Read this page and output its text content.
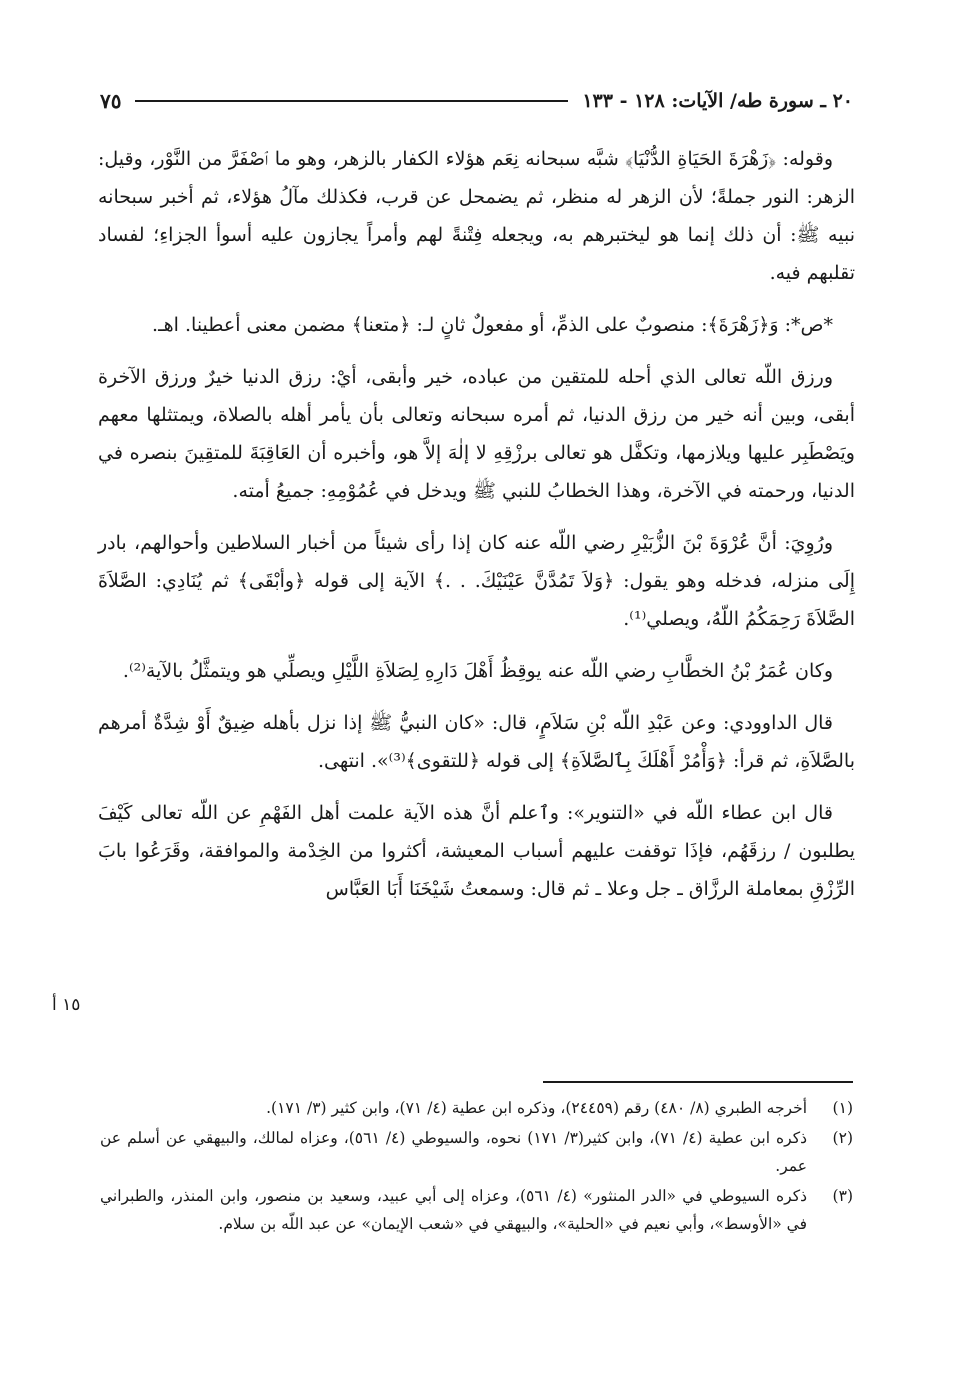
٢٠ ـ سورة طه/ الآيات: ١٢٨ - ١٣٣
٧٥

وقوله: ﴿زَهْرَةَ الحَيَاةِ الدُّنْيَا﴾ شبَّه سبحانه نِعَم هؤلاء الكفار بالزهر، وهو ما ٱصْفَرَّ من النَّوْر، وقيل: الزهر: النور جملةً؛ لأن الزهر له منظر، ثم يضمحل عن قرب، فكذلك مآلُ هؤلاء، ثم أخبر سبحانه نبيه ﷺ: أن ذلك إنما هو ليختبرهم به، ويجعله فِتْنةً لهم وأمراً يجازون عليه أسوأ الجزاءِ؛ لفساد تقلبهم فيه.

*ص*: وَ﴿زَهْرَةَ﴾: منصوبٌ على الذمِّ، أو مفعولٌ ثانٍ لـ: ﴿متعنا﴾ مضمن معنى أعطينا. اهـ.

ورزق اللّه تعالى الذي أحله للمتقين من عباده، خير وأبقى، أيْ: رزق الدنيا خيرٌ ورزق الآخرة أبقى، وبين أنه خير من رزق الدنيا، ثم أمره سبحانه وتعالى بأن يأمر أهله بالصلاة، ويمتثلها معهم ويَصْطَبِر عليها ويلازمها، وتكفَّل هو تعالى برزْقِهِ لا إلٰهَ إلاَّ هو، وأخبره أن العَاقِبَةَ للمتقِينَ بنصره في الدنيا، ورحمته في الآخرة، وهذا الخطابُ للنبي ﷺ ويدخل في عُمُوْمِهِ: جميعُ أمته.

ورُوِيَ: أنَّ عُرْوَةَ بْنَ الزُّبَيْرِ رضي اللّه عنه كان إذا رأى شيئاً من أخبار السلاطين وأحوالهم، بادر إِلَى منزله، فدخله وهو يقول: ﴿وَلاَ تَمُدَّنَّ عَيْنَيْكَ. . .﴾ الآية إلى قوله ﴿وأبْقَى﴾ ثم يُنَادِي: الصَّلاَةَ الصَّلاَةَ رَحِمَكُمُ اللّهُ، ويصلي⁽¹⁾.

وكان عُمَرُ بْنُ الخطَّابِ رضي اللّه عنه يوقِظُ أَهْلَ دَارِهِ لِصَلاَةِ اللَّيْلِ ويصلِّي هو ويتمثَّلُ بالآية⁽²⁾.

قال الداوودي: وعن عَبْدِ اللّه بْنِ سَلاَمٍ، قال: «كان النبيُّ ﷺ إذا نزل بأهله ضِيقٌ أَوْ شِدَّةٌ أمرهم بالصَّلاَةِ، ثم قرأ: ﴿وَأْمُرْ أَهْلَكَ بِٱلصَّلاَةِ﴾ إلى قوله ﴿للتقوى﴾⁽³⁾». انتهى.

قال ابن عطاء اللّه في «التنوير»: وٱعلم أنَّ هذه الآية علمت أهل الفَهْمِ عن اللّه تعالى كَيْفَ يطلبون / رزقَهُم، فإذَا توقفت عليهم أسباب المعيشة، أكثروا من الخِدْمة والموافقة، وقَرَعُوا بابَ الرِّزْقِ بمعاملة الرزَّاق ـ جل وعلا ـ ثم قال: وسمعتُ شَيْخَنَا أَبَا العَبَّاس

١٥ أ
(١)
أخرجه الطبري (٨/ ٤٨٠) رقم (٢٤٤٥٩)، وذكره ابن عطية (٤/ ٧١)، وابن كثير (٣/ ١٧١).
(٢)
ذكره ابن عطية (٤/ ٧١)، وابن كثير(٣/ ١٧١) نحوه، والسيوطي (٤/ ٥٦١)، وعزاه لمالك، والبيهقي عن أسلم عن عمر.
(٣)
ذكره السيوطي في «الدر المنثور» (٤/ ٥٦١)، وعزاه إلى أبي عبيد، وسعيد بن منصور، وابن المنذر، والطبراني في «الأوسط»، وأبي نعيم في «الحلية»، والبيهقي في «شعب الإيمان» عن عبد اللّه بن سلام.
